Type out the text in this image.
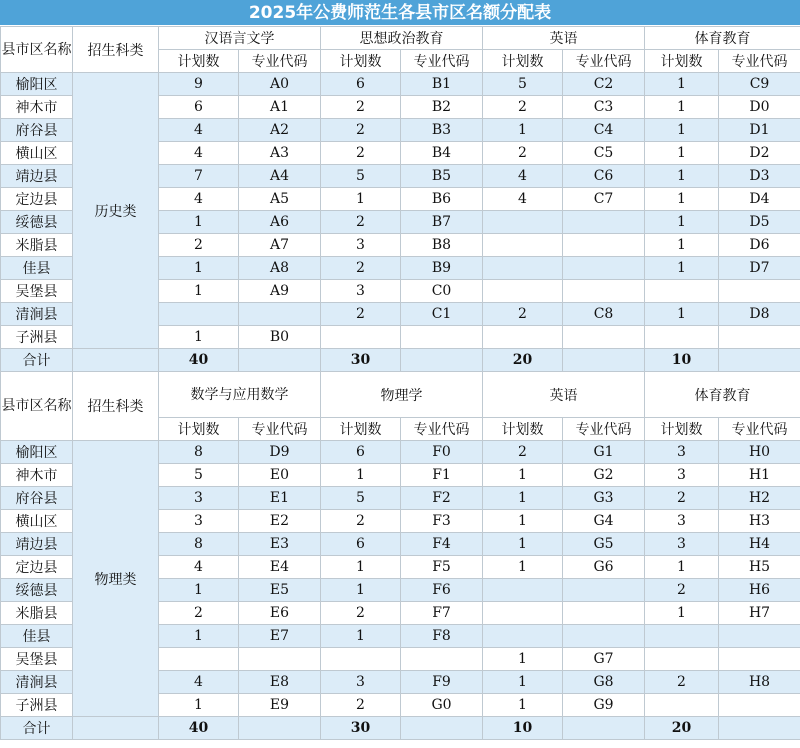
2025年公费师范生各县市区名额分配表
县市区名称	招生科类	汉语言文学		思想政治教育		英语		体育教育	
		计划数	专业代码	计划数	专业代码	计划数	专业代码	计划数	专业代码
榆阳区	历史类	9	A0	6	B1	5	C2	1	C9
神木市		6	A1	2	B2	2	C3	1	D0
府谷县		4	A2	2	B3	1	C4	1	D1
横山区		4	A3	2	B4	2	C5	1	D2
靖边县		7	A4	5	B5	4	C6	1	D3
定边县		4	A5	1	B6	4	C7	1	D4
绥德县		1	A6	2	B7			1	D5
米脂县		2	A7	3	B8			1	D6
佳县		1	A8	2	B9			1	D7
吴堡县		1	A9	3	C0				
清涧县				2	C1	2	C8	1	D8
子洲县		1	B0						
合计		40		30		20		10	
县市区名称	招生科类	数学与应用数学		物理学		英语		体育教育	
		计划数	专业代码	计划数	专业代码	计划数	专业代码	计划数	专业代码
榆阳区	物理类	8	D9	6	F0	2	G1	3	H0
神木市		5	E0	1	F1	1	G2	3	H1
府谷县		3	E1	5	F2	1	G3	2	H2
横山区		3	E2	2	F3	1	G4	3	H3
靖边县		8	E3	6	F4	1	G5	3	H4
定边县		4	E4	1	F5	1	G6	1	H5
绥德县		1	E5	1	F6			2	H6
米脂县		2	E6	2	F7			1	H7
佳县		1	E7	1	F8				
吴堡县						1	G7		
清涧县		4	E8	3	F9	1	G8	2	H8
子洲县		1	E9	2	G0	1	G9		
合计		40		30		10		20	
